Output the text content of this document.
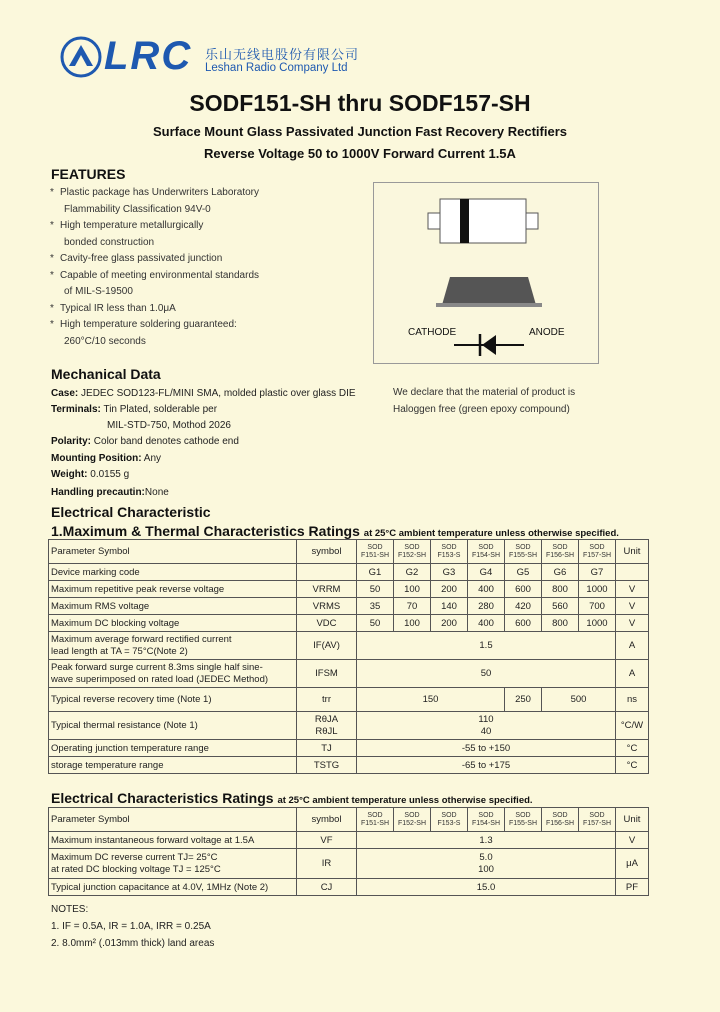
LRC 乐山无线电股份有限公司
Leshan Radio Company Ltd
SODF151-SH thru SODF157-SH
Surface Mount Glass Passivated Junction Fast Recovery Rectifiers
Reverse Voltage 50 to 1000V Forward Current 1.5A
FEATURES
* Plastic package has Underwriters Laboratory
Flammability Classification 94V-0
* High temperature metallurgically
bonded construction
* Cavity-free glass passivated junction
* Capable of meeting environmental standards
of MIL-S-19500
* Typical IR less than 1.0μA
* High temperature soldering guaranteed:
260°C/10 seconds
CATHODE	ANODE
Mechanical Data
Case: JEDEC SOD123-FL/MINI SMA, molded plastic over glass DIE
Terminals: Tin Plated, solderable per
MIL-STD-750, Mothod 2026
Polarity: Color band denotes cathode end
Mounting Position: Any
Weight: 0.0155 g
Handling precautin:None
We declare that the material of product is
Haloggen free (green epoxy compound)
Electrical Characteristic
1.Maximum & Thermal Characteristics Ratings at 25°C ambient temperature unless otherwise specified.
Parameter Symbol	symbol	SOD
F151-SH	SOD
F152-SH	SOD
F153-S	SOD
F154-SH	SOD
F155-SH	SOD
F156-SH	SOD
F157-SH	Unit
Device marking code		G1	G2	G3	G4	G5	G6	G7	
Maximum repetitive peak reverse voltage	VRRM	50	100	200	400	600	800	1000	V
Maximum RMS voltage	VRMS	35	70	140	280	420	560	700	V
Maximum DC blocking voltage	VDC	50	100	200	400	600	800	1000	V
Maximum average forward rectified current
lead length at TA = 75°C(Note 2)	IF(AV)	1.5							A
Peak forward surge current 8.3ms single half sine-
wave superimposed on rated load (JEDEC Method)	IFSM	50							A
Typical reverse recovery time (Note 1)	trr	150				250	500		ns
Typical thermal resistance (Note 1)	RθJA
RθJL	110
40							°C/W
Operating junction temperature range	TJ	-55 to +150							°C
storage temperature range	TSTG	-65 to +175							°C
Electrical Characteristics Ratings at 25°C ambient temperature unless otherwise specified.
Parameter Symbol	symbol	SOD
F151-SH	SOD
F152-SH	SOD
F153-S	SOD
F154-SH	SOD
F155-SH	SOD
F156-SH	SOD
F157-SH	Unit
Maximum instantaneous forward voltage at 1.5A	VF	1.3							V
Maximum DC reverse current TJ= 25°C
at rated DC blocking voltage TJ = 125°C	IR	5.0
100							μA
Typical junction capacitance at 4.0V, 1MHz (Note 2)	CJ	15.0							PF
NOTES:
1. IF = 0.5A, IR = 1.0A, IRR = 0.25A
2. 8.0mm² (.013mm thick) land areas
